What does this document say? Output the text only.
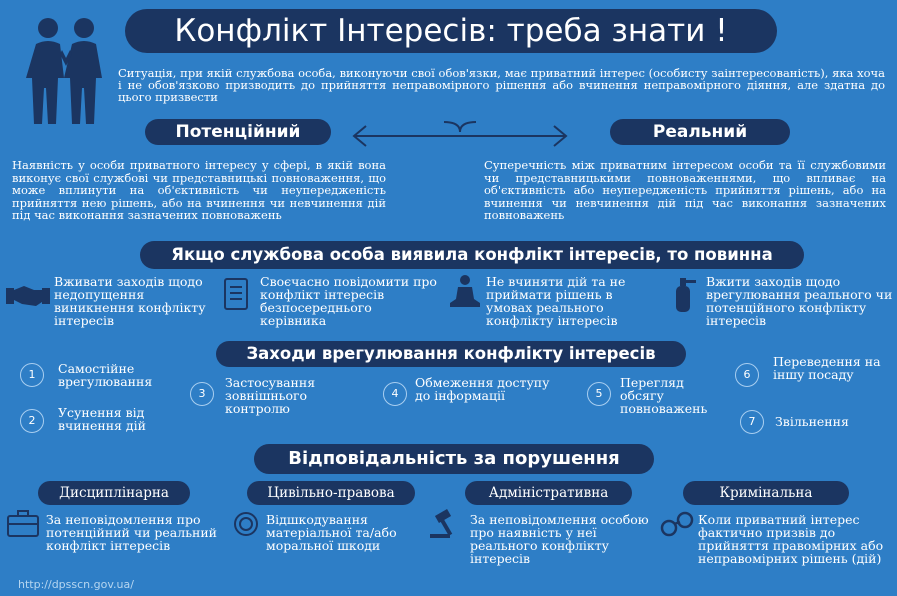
Конфлікт Інтересів: треба знати !
Ситуація, при якій службова особа, виконуючи свої обов'язки, має приватний інтерес (особисту заінтересованість), яка хоча і не обов'язково призводить до прийняття неправомірного рішення або вчинення неправомірного діяння, але здатна до цього призвести
Потенційний	Реальний
Наявність у особи приватного інтересу у сфері, в якій вона виконує свої службові чи представницькі повноваження, що може вплинути на об'єктивність чи неупередженість прийняття нею рішень, або на вчинення чи невчинення дій під час виконання зазначених повноважень
Суперечність між приватним інтересом особи та її службовими чи представницькими повноваженнями, що впливає на об'єктивність або неупередженість прийняття рішень, або на вчинення чи невчинення дій під час виконання зазначених повноважень
Якщо службова особа виявила конфлікт інтересів, то повинна
Вживати заходів щодо недопущення виникнення конфлікту інтересів
Своєчасно повідомити про конфлікт інтересів безпосереднього керівника
Не вчиняти дій та не приймати рішень в умовах реального конфлікту інтересів
Вжити заходів щодо врегулювання реального чи потенційного конфлікту інтересів
Заходи врегулювання конфлікту інтересів
1	Самостійне врегулювання
2
Усунення від вчинення дій
3
Застосування зовнішнього контролю
4
Обмеження доступу до інформації	5
Перегляд обсягу повноважень
6
Переведення на іншу посаду
7	Звільнення
Відповідальність за порушення
Дисциплінарна
За неповідомлення про потенційний чи реальний конфлікт інтересів
Цивільно-правова
Відшкодування матеріальної та/або моральної шкоди
Адміністративна
За неповідомлення особою про наявність у неї реального конфлікту інтересів
Кримінальна
Коли приватний інтерес фактично призвів до прийняття правомірних або неправомірних рішень (дій)
http://dpsscn.gov.ua/
